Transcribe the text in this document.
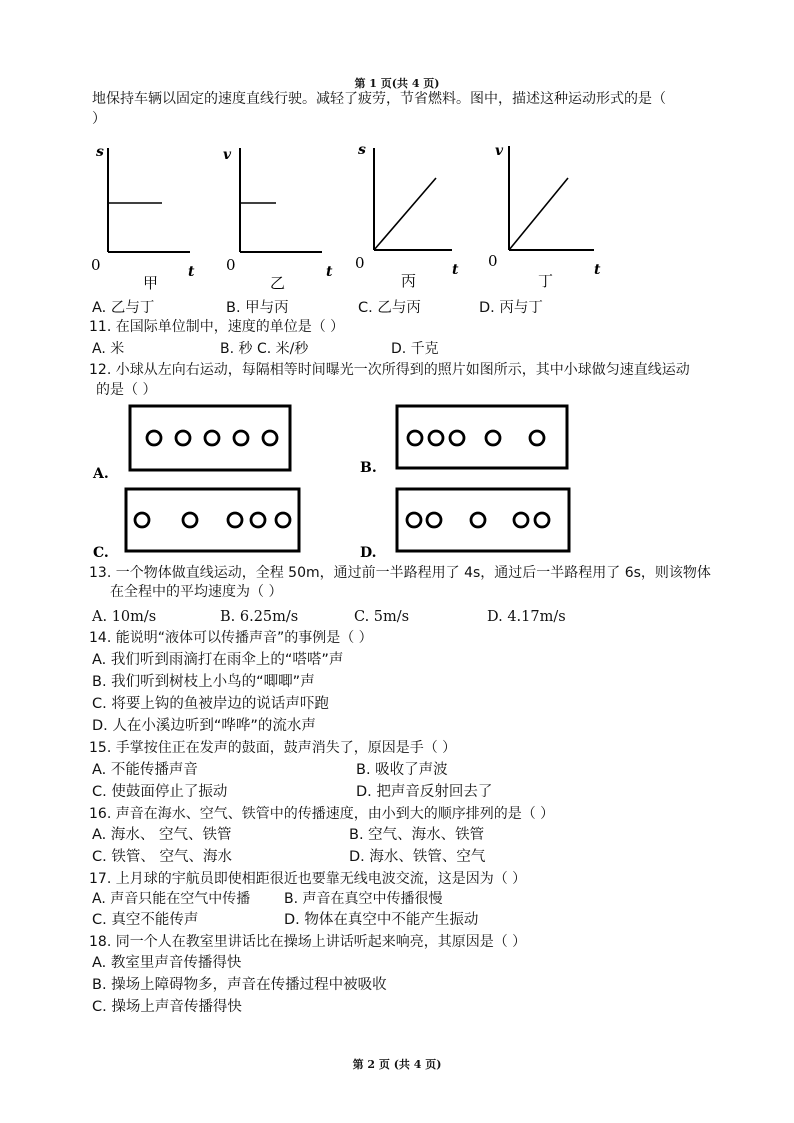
第 1 页(共 4 页)
地保持车辆以固定的速度直线行驶。减轻了疲劳，节省燃料。图中，描述这种运动形式的是（
）
s
0	t
甲
v
0	t
乙
s
0	t
丙
v
0	t
丁
A. 乙与丁	B. 甲与丙	C. 乙与丙	D. 丙与丁
11. 在国际单位制中，速度的单位是（ ）
A. 米	B. 秒 C. 米/秒	D. 千克
12. 小球从左向右运动，每隔相等时间曝光一次所得到的照片如图所示，其中小球做匀速直线运动
的是（ ）
A.	B.
C.	D.
13. 一个物体做直线运动，全程 50m，通过前一半路程用了 4s，通过后一半路程用了 6s，则该物体
在全程中的平均速度为（ ）
A. 10m/s	B. 6.25m/s	C. 5m/s	D. 4.17m/s
14. 能说明“液体可以传播声音”的事例是（ ）
A. 我们听到雨滴打在雨伞上的“嗒嗒”声
B. 我们听到树枝上小鸟的“唧唧”声
C. 将要上钩的鱼被岸边的说话声吓跑
D. 人在小溪边听到“哗哗”的流水声
15. 手掌按住正在发声的鼓面，鼓声消失了，原因是手（ ）
A. 不能传播声音	B. 吸收了声波
C. 使鼓面停止了振动	D. 把声音反射回去了
16. 声音在海水、空气、铁管中的传播速度，由小到大的顺序排列的是（ ）
A. 海水、 空气、铁管	B. 空气、海水、铁管
C. 铁管、 空气、海水	D. 海水、铁管、空气
17. 上月球的宇航员即使相距很近也要靠无线电波交流，这是因为（ ）
A. 声音只能在空气中传播 B. 声音在真空中传播很慢
C. 真空不能传声	D. 物体在真空中不能产生振动
18. 同一个人在教室里讲话比在操场上讲话听起来响亮，其原因是（ ）
A. 教室里声音传播得快
B. 操场上障碍物多，声音在传播过程中被吸收
C. 操场上声音传播得快
第 2 页 (共 4 页)
